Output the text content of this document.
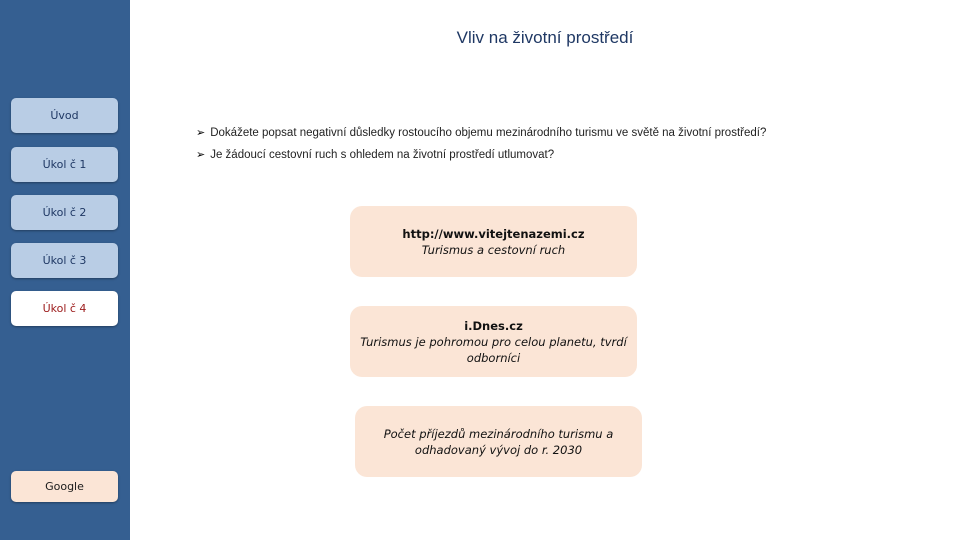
Úvod
Úkol č 1
Úkol č 2
Úkol č 3
Úkol č 4
Google
Vliv na životní prostředí
➢ Dokážete popsat negativní důsledky rostoucího objemu mezinárodního turismu ve světě na životní prostředí?
➢ Je žádoucí cestovní ruch s ohledem na životní prostředí utlumovat?
http://www.vitejtenazemi.cz
Turismus a cestovní ruch
i.Dnes.cz
Turismus je pohromou pro celou planetu, tvrdí odborníci
Počet příjezdů mezinárodního turismu a odhadovaný vývoj do r. 2030
